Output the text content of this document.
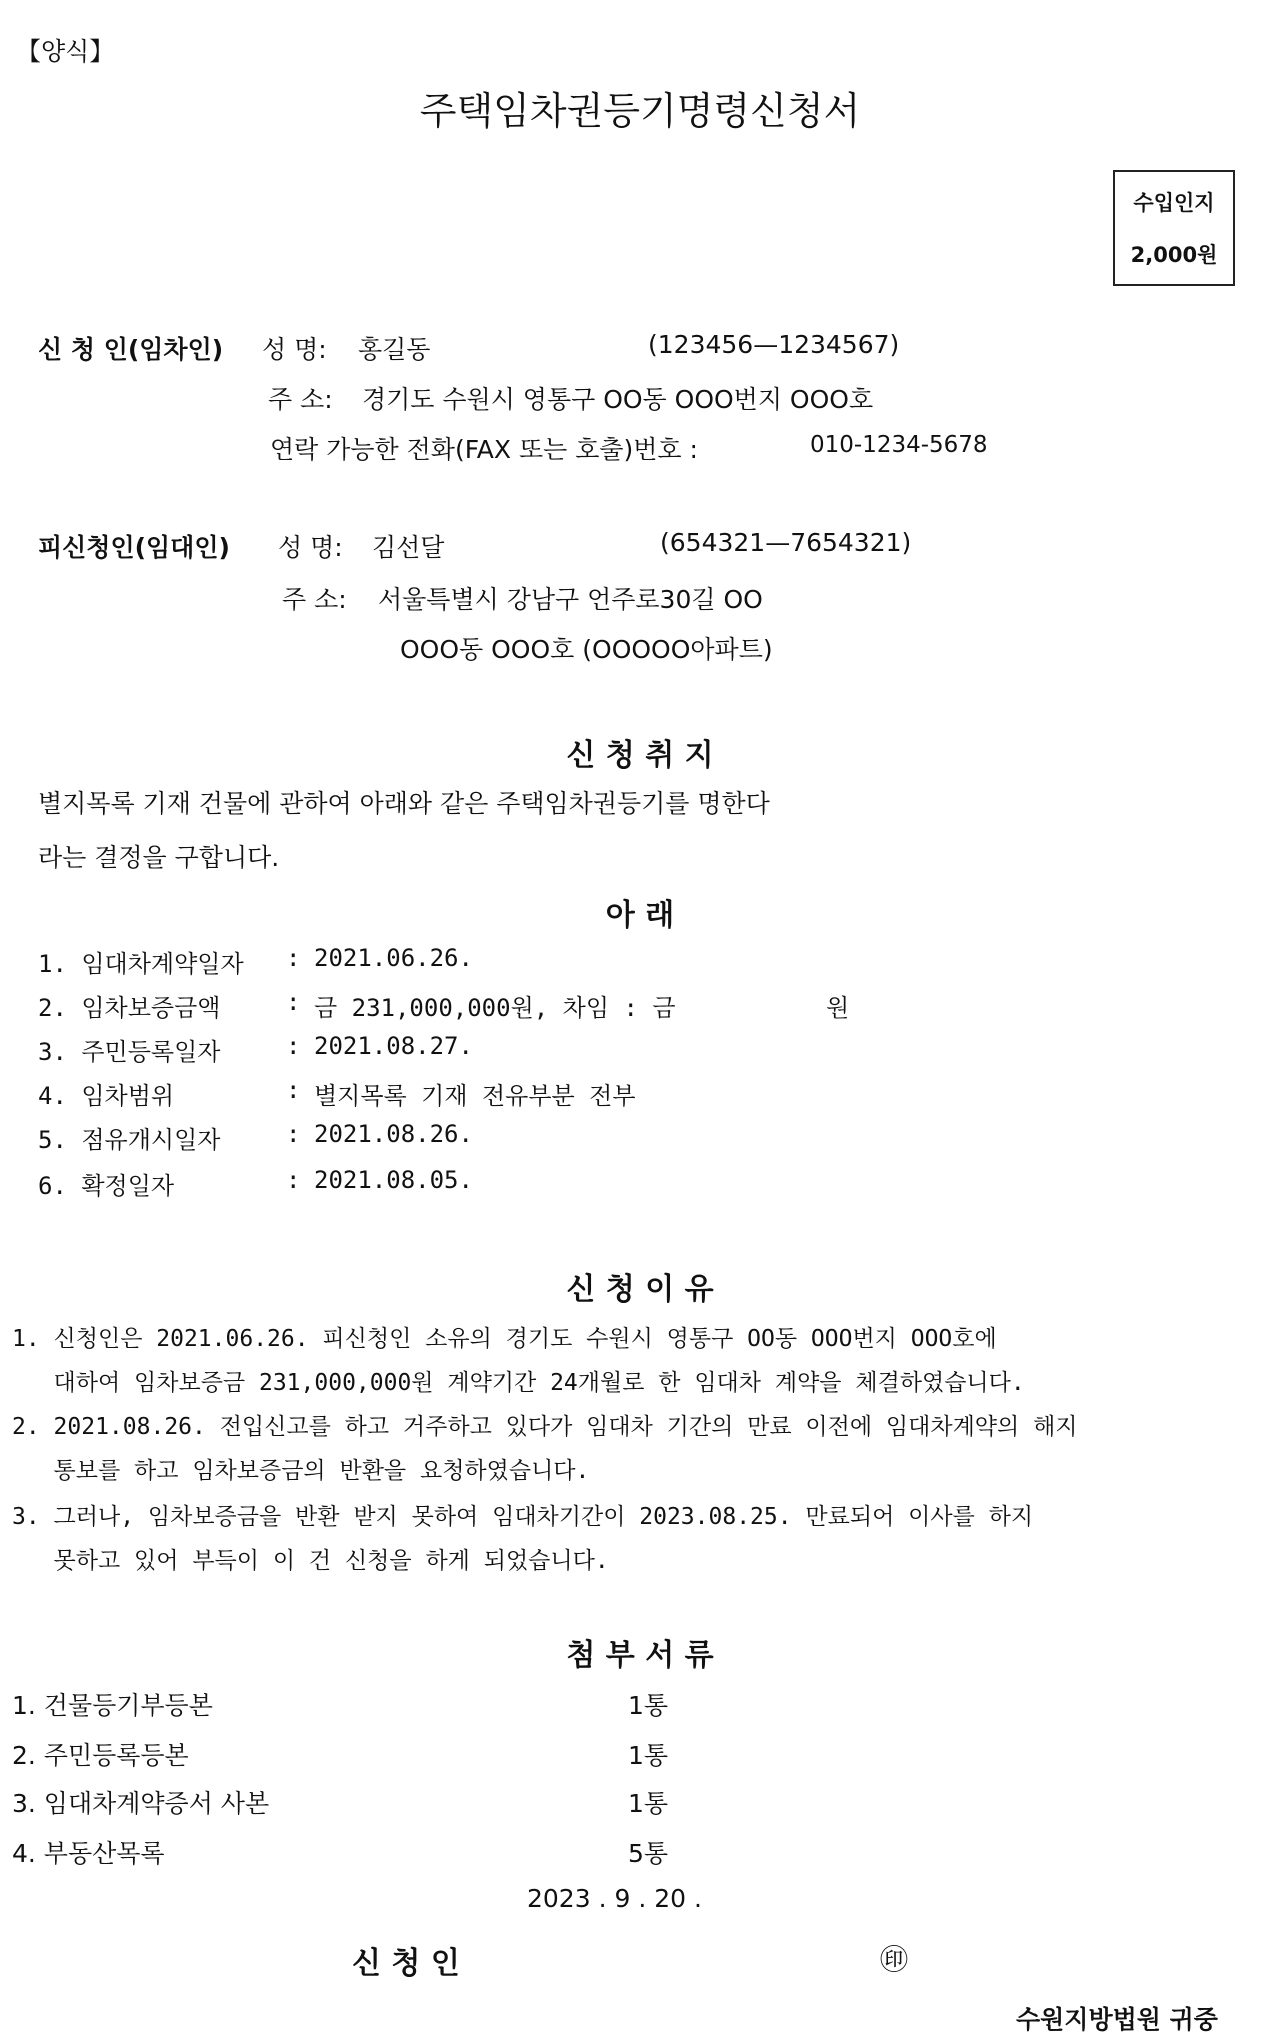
【양식】
주택임차권등기명령신청서
수입인지
2,000원
신 청 인(임차인) 성 명: 홍길동	(123456—1234567)
주 소: 경기도 수원시 영통구 OO동 OOO번지 OOO호
연락 가능한 전화(FAX 또는 호출)번호 :	010-1234-5678
피신청인(임대인) 성 명: 김선달	(654321—7654321)
주 소: 서울특별시 강남구 언주로30길 OO
OOO동 OOO호 (OOOOO아파트)
신 청 취 지
별지목록 기재 건물에 관하여 아래와 같은 주택임차권등기를 명한다
라는 결정을 구합니다.
아 래
1. 임대차계약일자 : 2021.06.26.
2. 임차보증금액	: 금 231,000,000원, 차임 : 금	원
3. 주민등록일자	: 2021.08.27.
4. 임차범위	: 별지목록 기재 전유부분 전부
5. 점유개시일자	: 2021.08.26.
6. 확정일자	: 2021.08.05.
신 청 이 유
1. 신청인은 2021.06.26. 피신청인 소유의 경기도 수원시 영통구 OO동 OOO번지 OOO호에
대하여 임차보증금 231,000,000원 계약기간 24개월로 한 임대차 계약을 체결하였습니다.
2. 2021.08.26. 전입신고를 하고 거주하고 있다가 임대차 기간의 만료 이전에 임대차계약의 해지
통보를 하고 임차보증금의 반환을 요청하였습니다.
3. 그러나, 임차보증금을 반환 받지 못하여 임대차기간이 2023.08.25. 만료되어 이사를 하지
못하고 있어 부득이 이 건 신청을 하게 되었습니다.
첨 부 서 류
1. 건물등기부등본	1통
2. 주민등록등본	1통
3. 임대차계약증서 사본	1통
4. 부동산목록	5통
2023 . 9 . 20 .
신 청 인	㊞
수원지방법원 귀중
